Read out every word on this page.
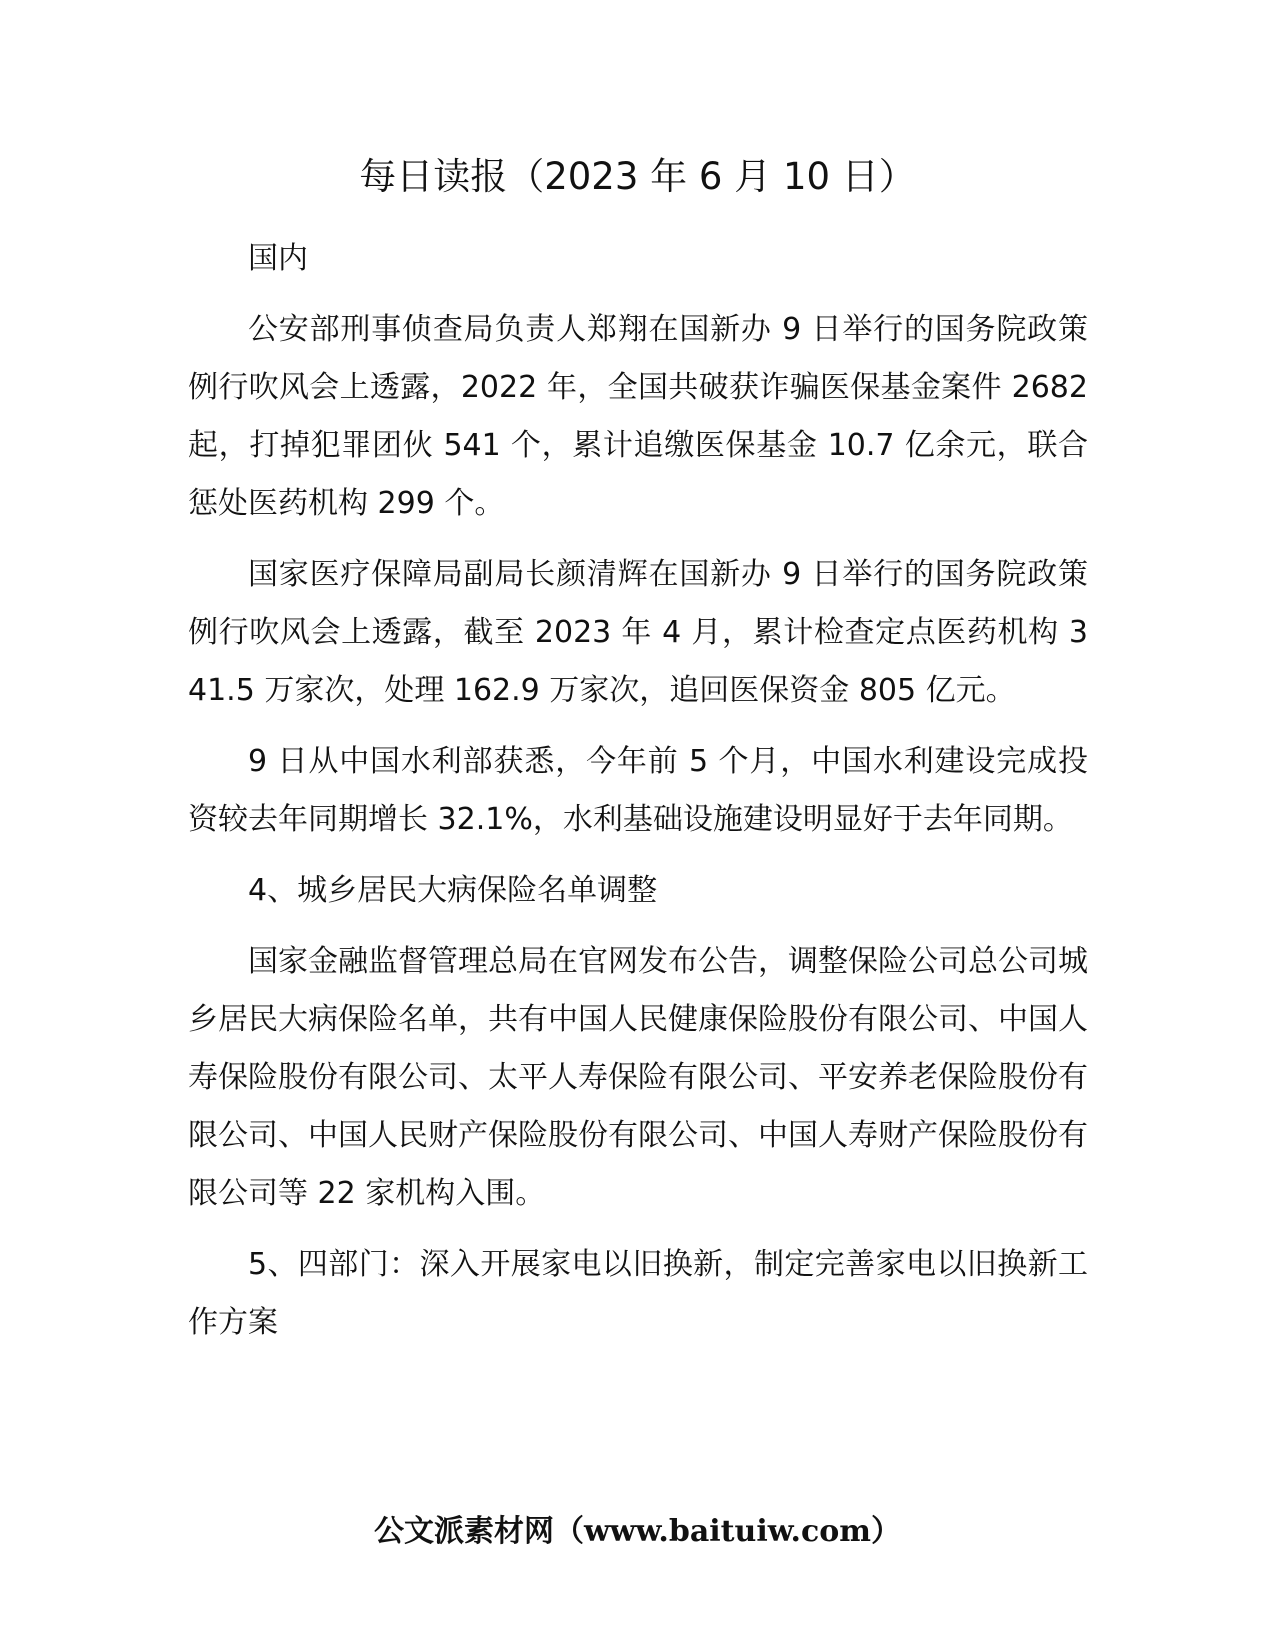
每日读报（2023 年 6 月 10 日）

国内

公安部刑事侦查局负责人郑翔在国新办 9 日举行的国务院政策例行吹风会上透露，2022 年，全国共破获诈骗医保基金案件 2682 起，打掉犯罪团伙 541 个，累计追缴医保基金 10.7 亿余元，联合惩处医药机构 299 个。

国家医疗保障局副局长颜清辉在国新办 9 日举行的国务院政策例行吹风会上透露，截至 2023 年 4 月，累计检查定点医药机构 341.5 万家次，处理 162.9 万家次，追回医保资金 805 亿元。

9 日从中国水利部获悉，今年前 5 个月，中国水利建设完成投资较去年同期增长 32.1%，水利基础设施建设明显好于去年同期。

4、城乡居民大病保险名单调整

国家金融监督管理总局在官网发布公告，调整保险公司总公司城乡居民大病保险名单，共有中国人民健康保险股份有限公司、中国人寿保险股份有限公司、太平人寿保险有限公司、平安养老保险股份有限公司、中国人民财产保险股份有限公司、中国人寿财产保险股份有限公司等 22 家机构入围。

5、四部门：深入开展家电以旧换新，制定完善家电以旧换新工作方案

公文派素材网（www.baituiw.com）
